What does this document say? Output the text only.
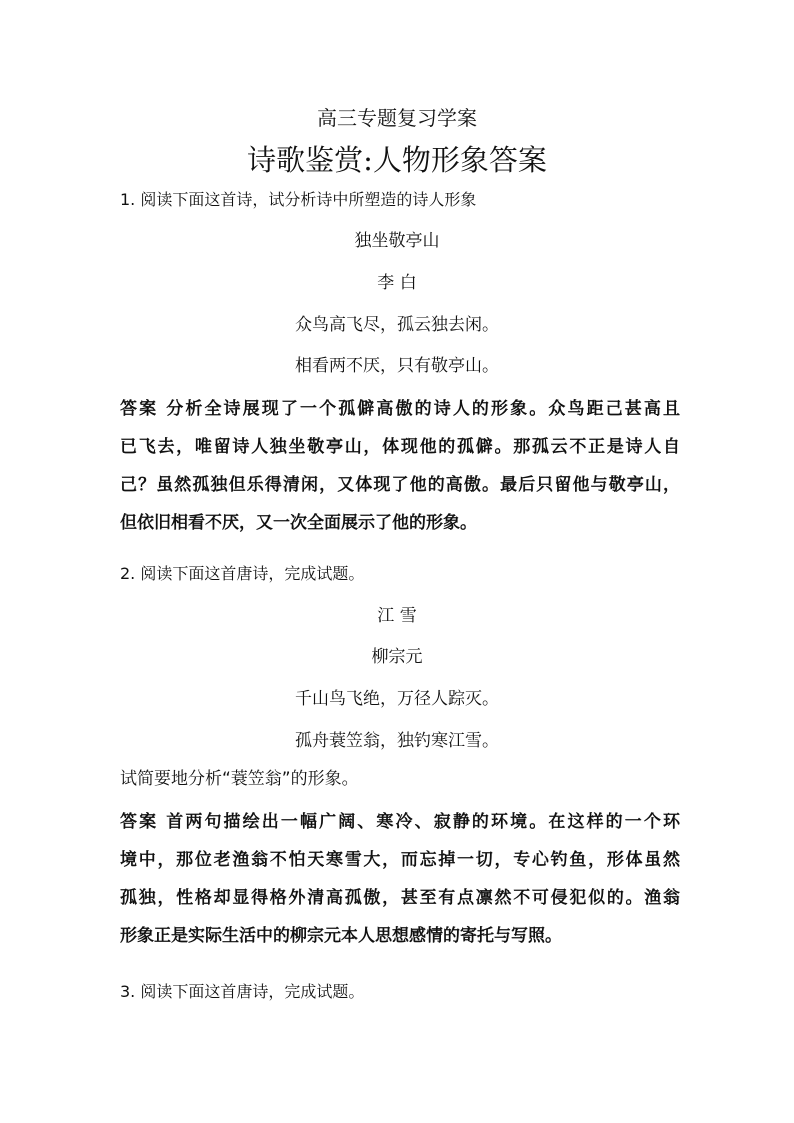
高三专题复习学案
诗歌鉴赏:人物形象答案
1. 阅读下面这首诗，试分析诗中所塑造的诗人形象
独坐敬亭山
李 白
众鸟高飞尽，孤云独去闲。
相看两不厌，只有敬亭山。

答案 分析全诗展现了一个孤僻高傲的诗人的形象。众鸟距己甚高且

已飞去，唯留诗人独坐敬亭山，体现他的孤僻。那孤云不正是诗人自

己？虽然孤独但乐得清闲，又体现了他的高傲。最后只留他与敬亭山，

但依旧相看不厌，又一次全面展示了他的形象。

2. 阅读下面这首唐诗，完成试题。
江 雪
柳宗元
千山鸟飞绝，万径人踪灭。
孤舟蓑笠翁，独钓寒江雪。
试简要地分析“蓑笠翁”的形象。

答案 首两句描绘出一幅广阔、寒冷、寂静的环境。在这样的一个环

境中，那位老渔翁不怕天寒雪大，而忘掉一切，专心钓鱼，形体虽然

孤独，性格却显得格外清高孤傲，甚至有点凛然不可侵犯似的。渔翁

形象正是实际生活中的柳宗元本人思想感情的寄托与写照。

3. 阅读下面这首唐诗，完成试题。
